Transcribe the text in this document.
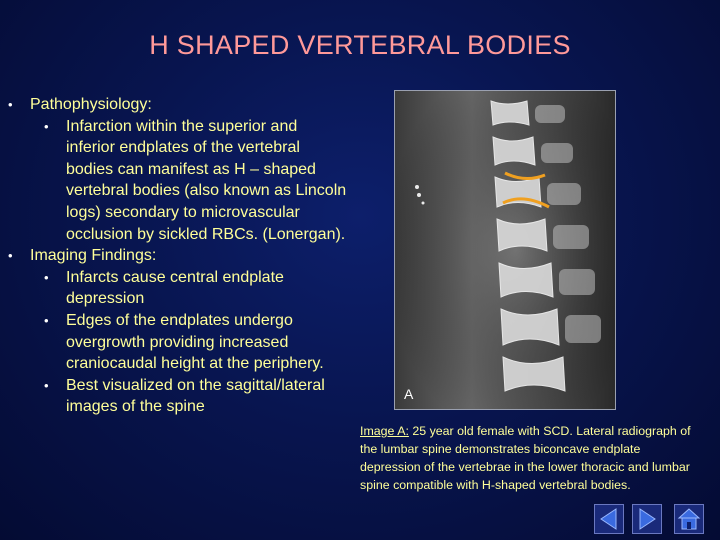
H SHAPED VERTEBRAL BODIES
• Pathophysiology:
• Infarction within the superior and inferior endplates of the vertebral bodies can manifest as H – shaped vertebral bodies (also known as Lincoln logs) secondary to microvascular occlusion by sickled RBCs. (Lonergan).
• Imaging Findings:
• Infarcts cause central endplate depression
• Edges of the endplates undergo overgrowth providing increased craniocaudal height at the periphery.
• Best visualized on the sagittal/lateral images of the spine
A
Image A: 25 year old female with SCD. Lateral radiograph of the lumbar spine demonstrates biconcave endplate depression of the vertebrae in the lower thoracic and lumbar spine compatible with H-shaped vertebral bodies.
